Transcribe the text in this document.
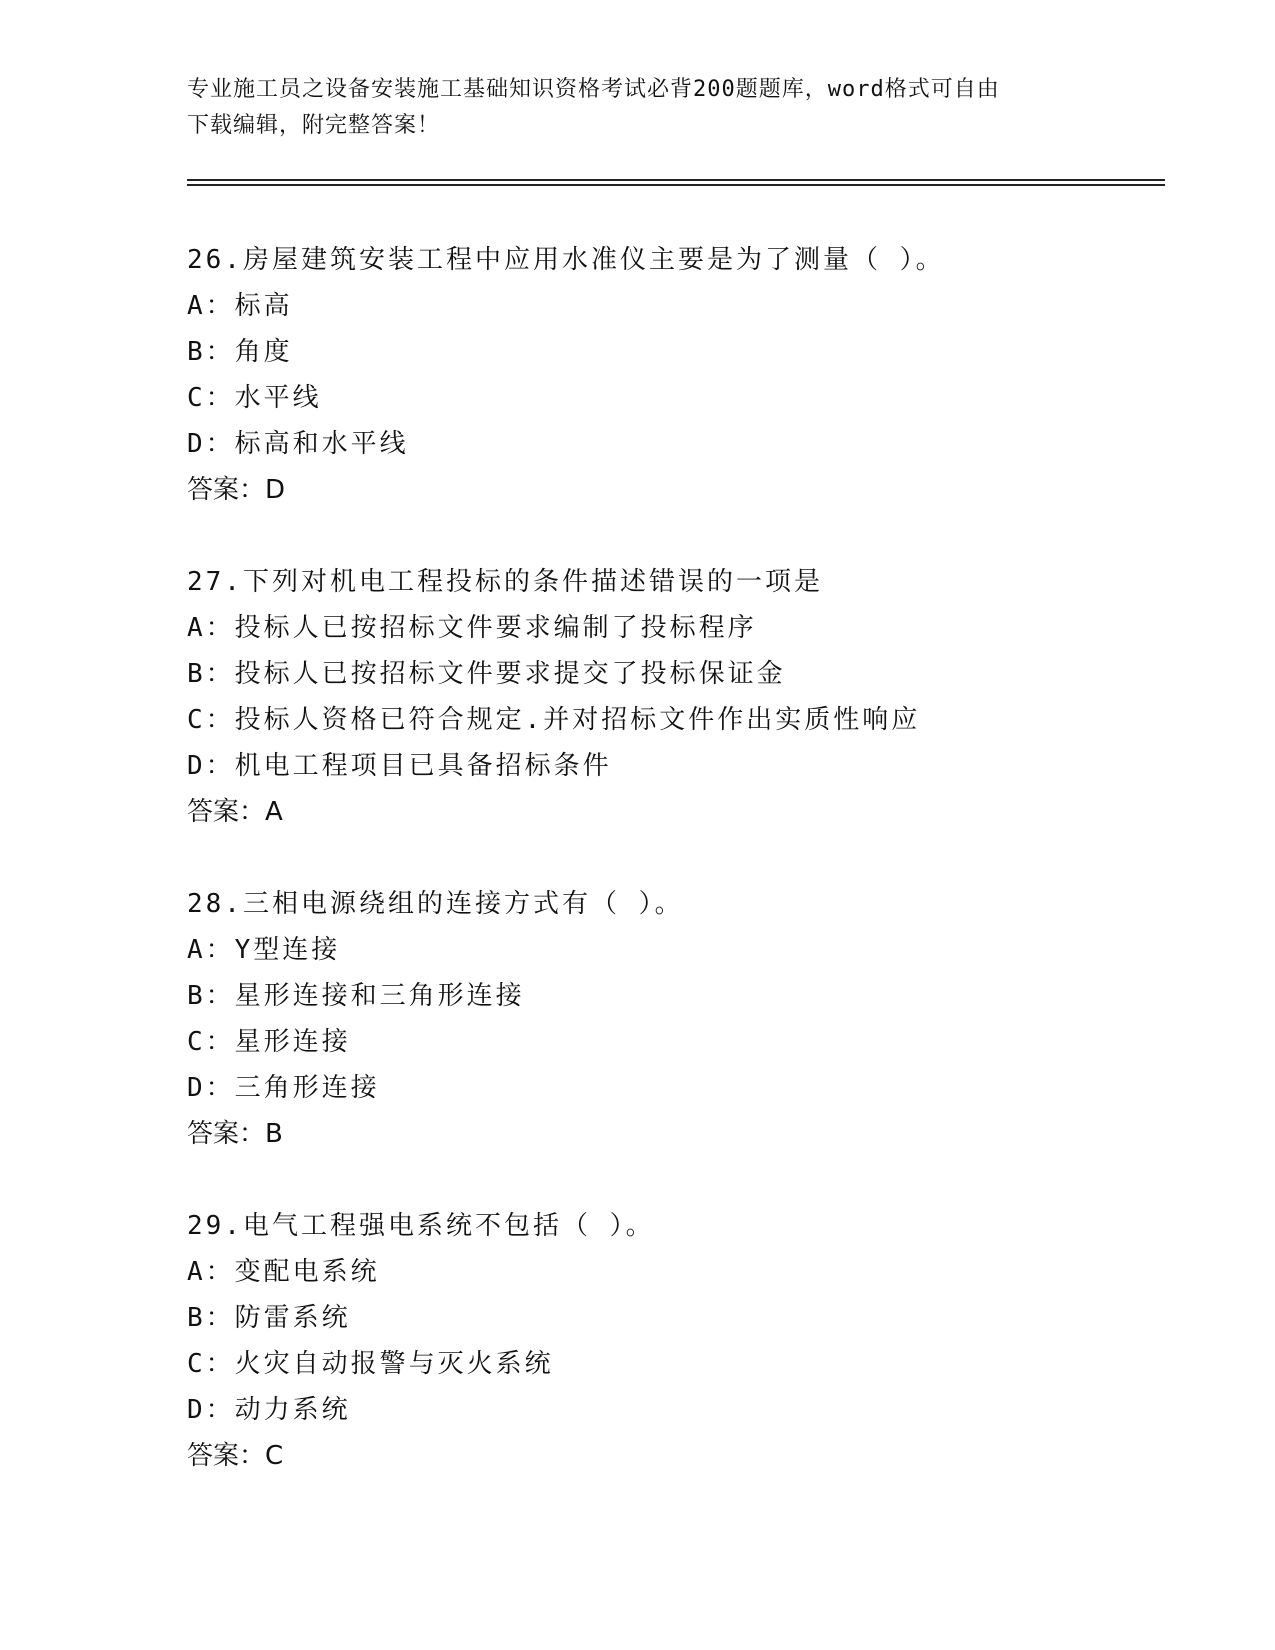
专业施工员之设备安装施工基础知识资格考试必背200题题库，word格式可自由
下载编辑，附完整答案！
26.房屋建筑安装工程中应用水准仪主要是为了测量（ ）。
A：标高
B：角度
C：水平线
D：标高和水平线
答案：D
27.下列对机电工程投标的条件描述错误的一项是
A：投标人已按招标文件要求编制了投标程序
B：投标人已按招标文件要求提交了投标保证金
C：投标人资格已符合规定.并对招标文件作出实质性响应
D：机电工程项目已具备招标条件
答案：A
28.三相电源绕组的连接方式有（ ）。
A：Y型连接
B：星形连接和三角形连接
C：星形连接
D：三角形连接
答案：B
29.电气工程强电系统不包括（ ）。
A：变配电系统
B：防雷系统
C：火灾自动报警与灭火系统
D：动力系统
答案：C
